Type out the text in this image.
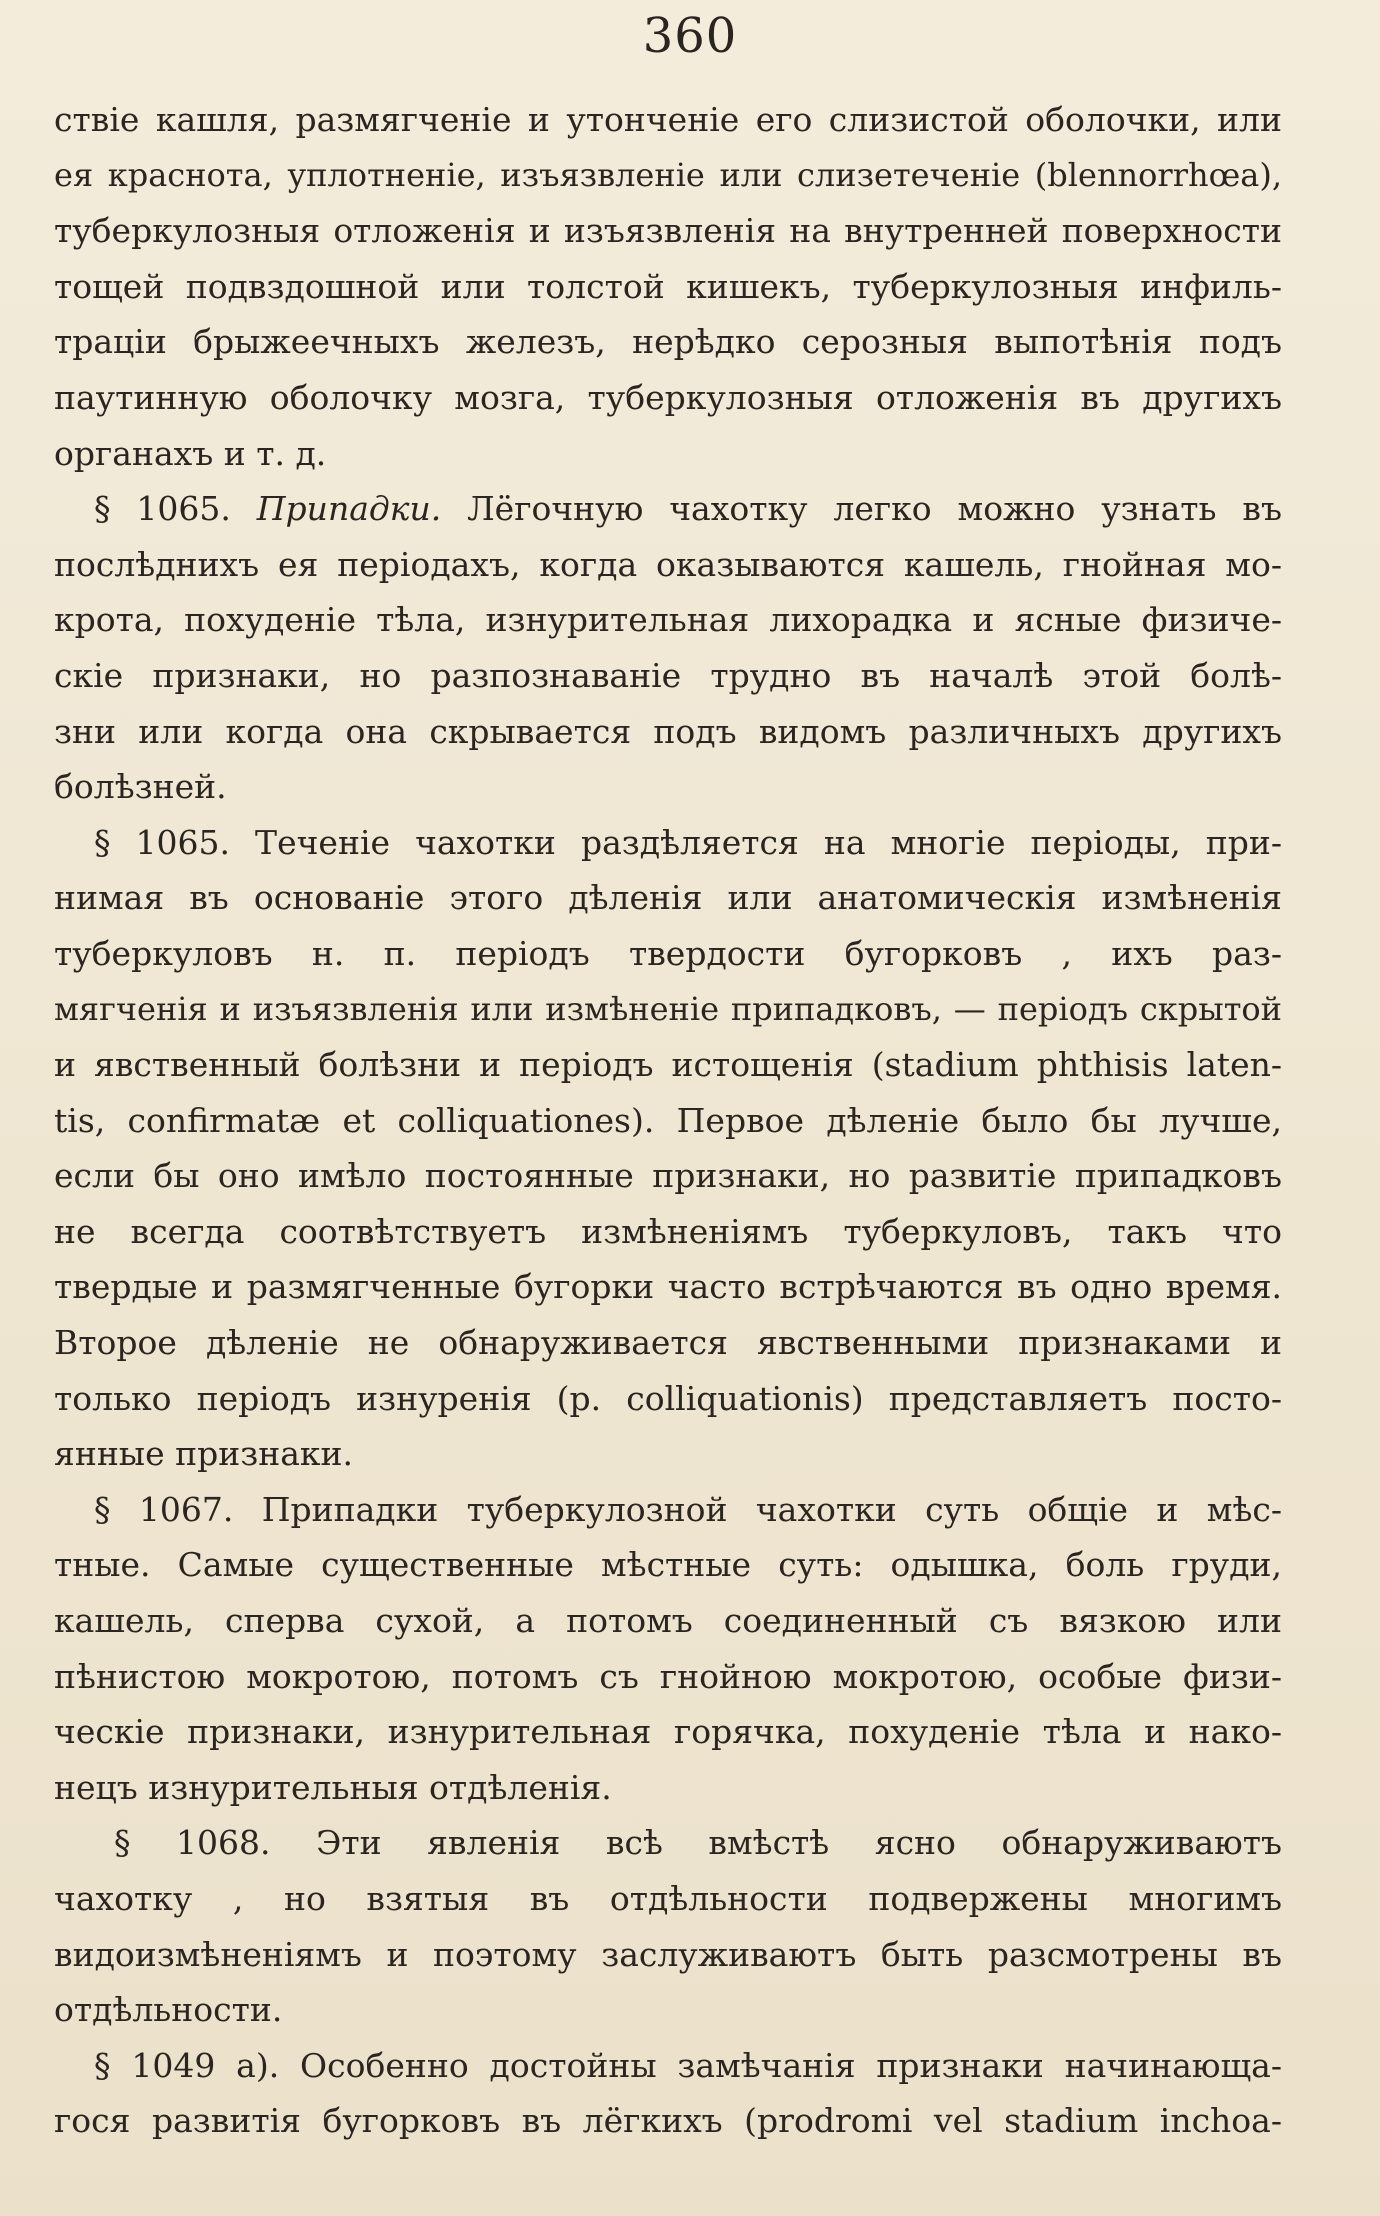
360
ствіе кашля, размягченіе и утонченіе его слизистой оболочки, или
ея краснота, уплотненіе, изъязвленіе или слизетеченіе (blennorrhœa),
туберкулозныя отложенія и изъязвленія на внутренней поверхности
тощей подвздошной или толстой кишекъ, туберкулозныя инфиль-
траціи брыжеечныхъ железъ, нерѣдко серозныя выпотѣнія подъ
паутинную оболочку мозга, туберкулозныя отложенія въ другихъ
органахъ и т. д.
§ 1065. Припадки. Лёгочную чахотку легко можно узнать въ
послѣднихъ ея періодахъ, когда оказываются кашель, гнойная мо-
крота, похуденіе тѣла, изнурительная лихорадка и ясные физиче-
скіе признаки, но разпознаваніе трудно въ началѣ этой болѣ-
зни или когда она скрывается подъ видомъ различныхъ другихъ
болѣзней.
§ 1065. Теченіе чахотки раздѣляется на многіе періоды, при-
нимая въ основаніе этого дѣленія или анатомическія измѣненія
туберкуловъ н. п. періодъ твердости бугорковъ , ихъ раз-
мягченія и изъязвленія или измѣненіе припадковъ, — періодъ скрытой
и явственный болѣзни и періодъ истощенія (stadium phthisis laten-
tis, confirmatæ et colliquationes). Первое дѣленіе было бы лучше,
если бы оно имѣло постоянные признаки, но развитіе припадковъ
не всегда соотвѣтствуетъ измѣненіямъ туберкуловъ, такъ что
твердые и размягченные бугорки часто встрѣчаются въ одно время.
Второе дѣленіе не обнаруживается явственными признаками и
только періодъ изнуренія (p. colliquationis) представляетъ посто-
янные признаки.
§ 1067. Припадки туберкулозной чахотки суть общіе и мѣс-
тные. Самые существенные мѣстные суть: одышка, боль груди,
кашель, сперва сухой, а потомъ соединенный съ вязкою или
пѣнистою мокротою, потомъ съ гнойною мокротою, особые физи-
ческіе признаки, изнурительная горячка, похуденіе тѣла и нако-
нецъ изнурительныя отдѣленія.
§ 1068. Эти явленія всѣ вмѣстѣ ясно обнаруживаютъ
чахотку , но взятыя въ отдѣльности подвержены многимъ
видоизмѣненіямъ и поэтому заслуживаютъ быть разсмотрены въ
отдѣльности.
§ 1049 а). Особенно достойны замѣчанія признаки начинающа-
гося развитія бугорковъ въ лёгкихъ (prodromi vel stadium inchoa-
